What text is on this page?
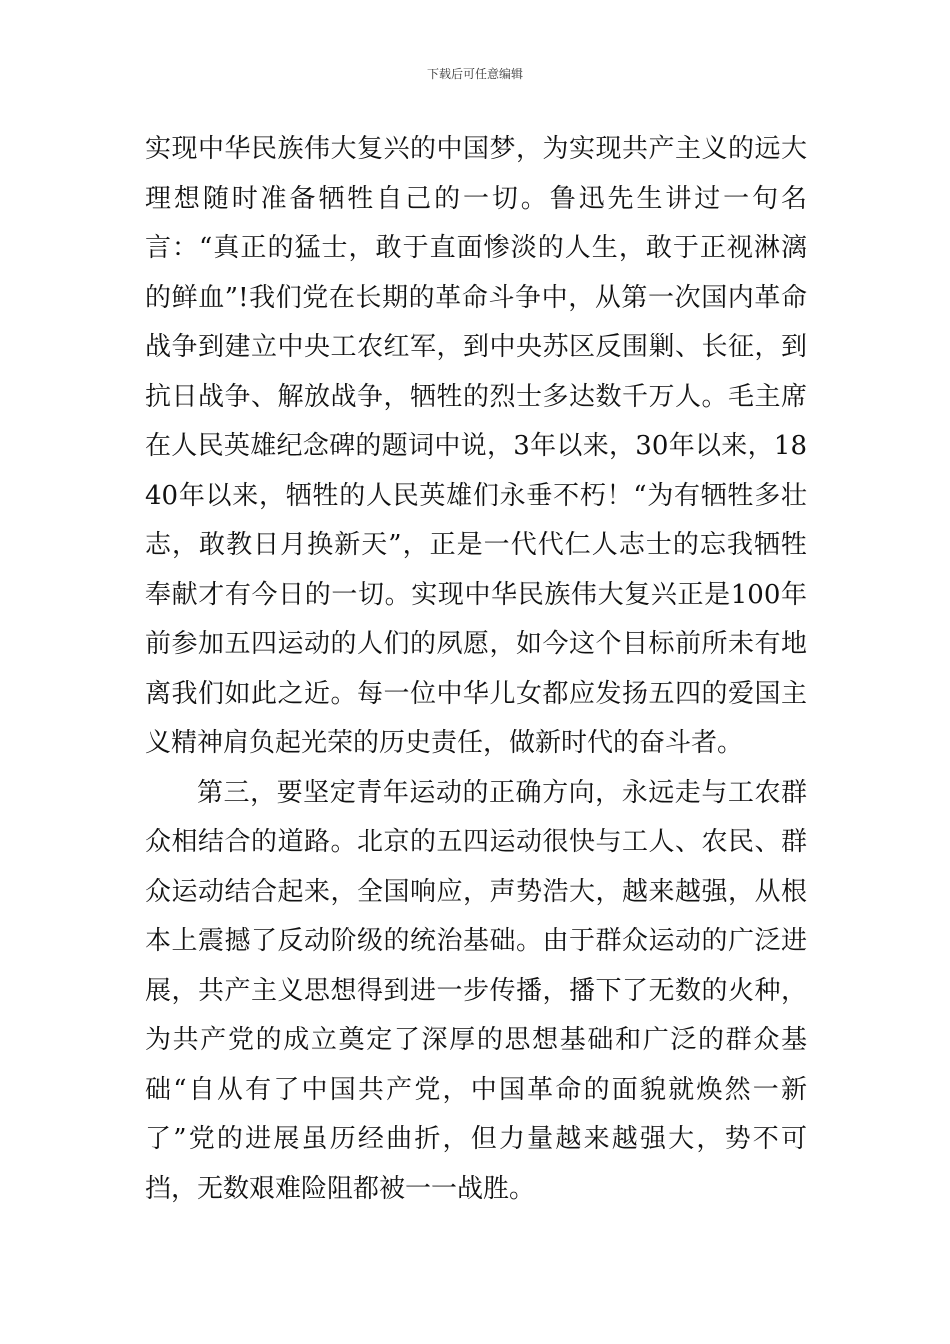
下载后可任意编辑

实现中华民族伟大复兴的中国梦，为实现共产主义的远大理想随时准备牺牲自己的一切。鲁迅先生讲过一句名言：“真正的猛士，敢于直面惨淡的人生，敢于正视淋漓的鲜血”!我们党在长期的革命斗争中，从第一次国内革命战争到建立中央工农红军，到中央苏区反围剿、长征，到抗日战争、解放战争，牺牲的烈士多达数千万人。毛主席在人民英雄纪念碑的题词中说，3年以来，30年以来，1840年以来，牺牲的人民英雄们永垂不朽！“为有牺牲多壮志，敢教日月换新天”，正是一代代仁人志士的忘我牺牲奉献才有今日的一切。实现中华民族伟大复兴正是100年前参加五四运动的人们的夙愿，如今这个目标前所未有地离我们如此之近。每一位中华儿女都应发扬五四的爱国主义精神肩负起光荣的历史责任，做新时代的奋斗者。

第三，要坚定青年运动的正确方向，永远走与工农群众相结合的道路。北京的五四运动很快与工人、农民、群众运动结合起来，全国响应，声势浩大，越来越强，从根本上震撼了反动阶级的统治基础。由于群众运动的广泛进展，共产主义思想得到进一步传播，播下了无数的火种，为共产党的成立奠定了深厚的思想基础和广泛的群众基础“自从有了中国共产党，中国革命的面貌就焕然一新了”党的进展虽历经曲折，但力量越来越强大，势不可挡，无数艰难险阻都被一一战胜。
